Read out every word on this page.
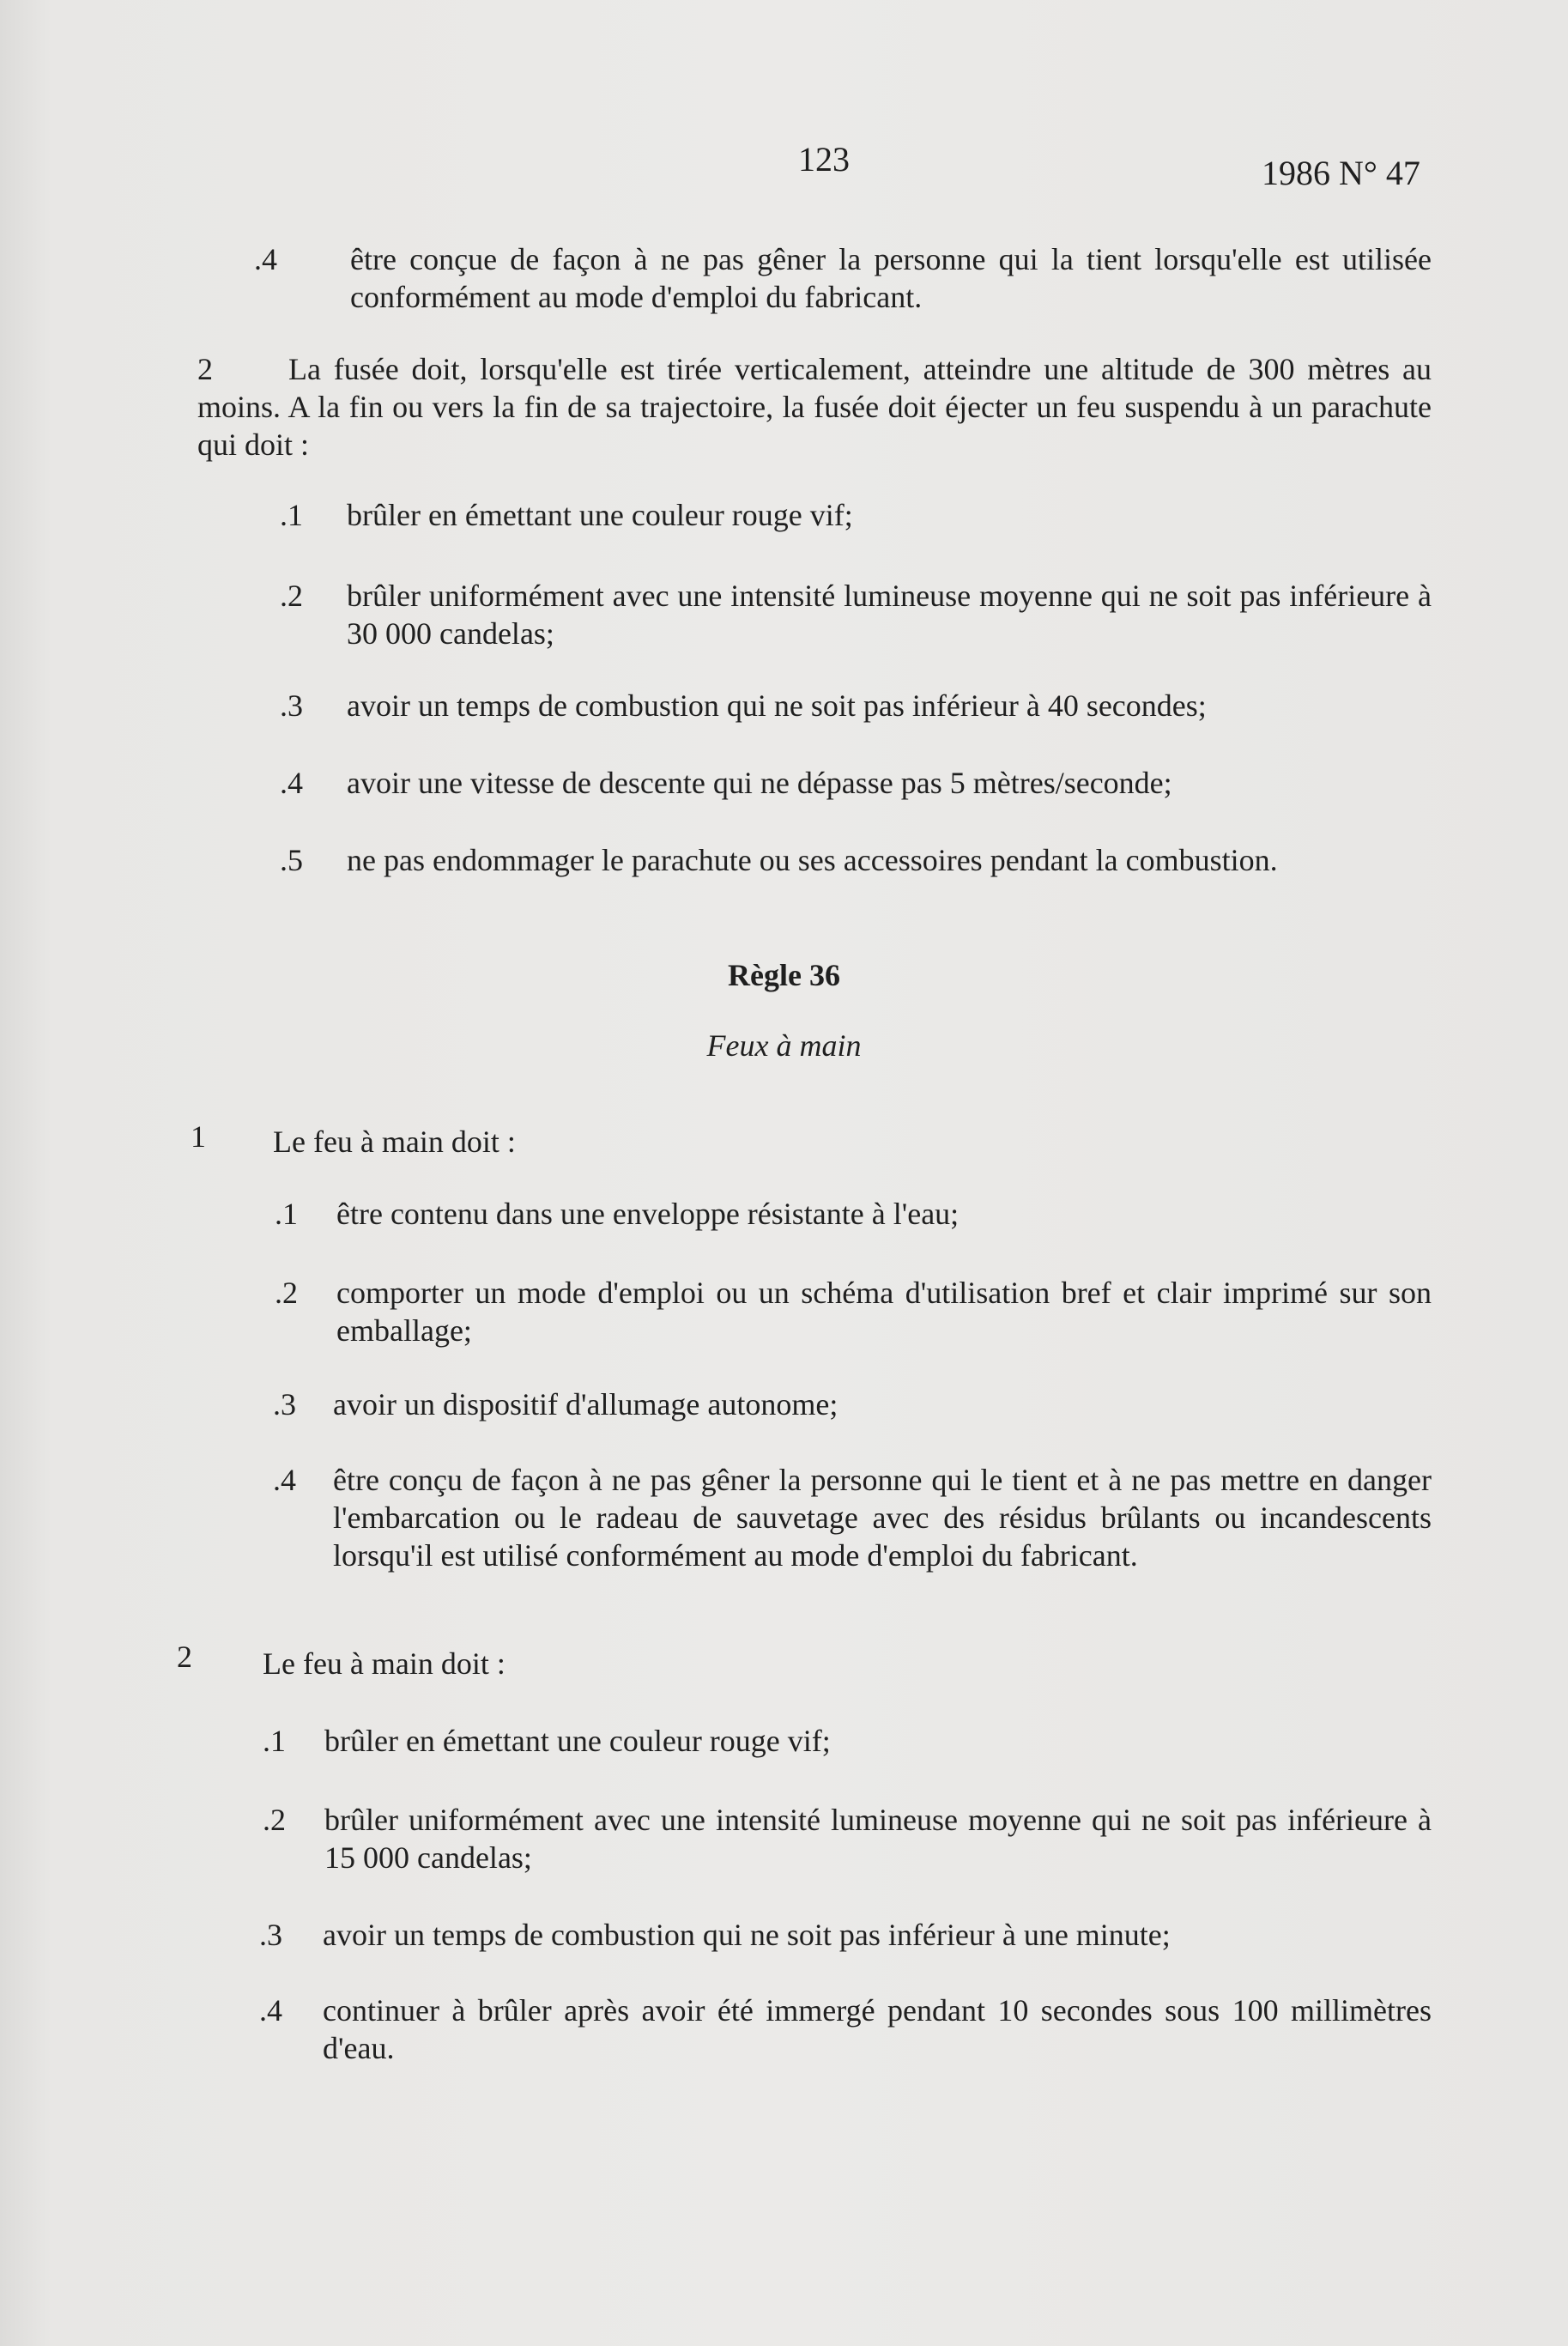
123	1986 N° 47
.4 être conçue de façon à ne pas gêner la personne qui la tient lorsqu'elle est utilisée conformément au mode d'emploi du fabricant.
2	La fusée doit, lorsqu'elle est tirée verticalement, atteindre une altitude de 300 mètres au moins. A la fin ou vers la fin de sa trajectoire, la fusée doit éjecter un feu suspendu à un parachute qui doit :
.1 brûler en émettant une couleur rouge vif;
.2 brûler uniformément avec une intensité lumineuse moyenne qui ne soit pas inférieure à 30 000 candelas;
.3 avoir un temps de combustion qui ne soit pas inférieur à 40 secondes;
.4 avoir une vitesse de descente qui ne dépasse pas 5 mètres/seconde;
.5 ne pas endommager le parachute ou ses accessoires pendant la combustion.
Règle 36
Feux à main
1 Le feu à main doit :
.1 être contenu dans une enveloppe résistante à l'eau;
.2 comporter un mode d'emploi ou un schéma d'utilisation bref et clair imprimé sur son emballage;
.3 avoir un dispositif d'allumage autonome;
.4 être conçu de façon à ne pas gêner la personne qui le tient et à ne pas mettre en danger l'embarcation ou le radeau de sauvetage avec des résidus brûlants ou incandescents lorsqu'il est utilisé conformément au mode d'emploi du fabricant.
2 Le feu à main doit :
.1 brûler en émettant une couleur rouge vif;
.2 brûler uniformément avec une intensité lumineuse moyenne qui ne soit pas inférieure à 15 000 candelas;
.3 avoir un temps de combustion qui ne soit pas inférieur à une minute;
.4 continuer à brûler après avoir été immergé pendant 10 secondes sous 100 millimètres d'eau.
